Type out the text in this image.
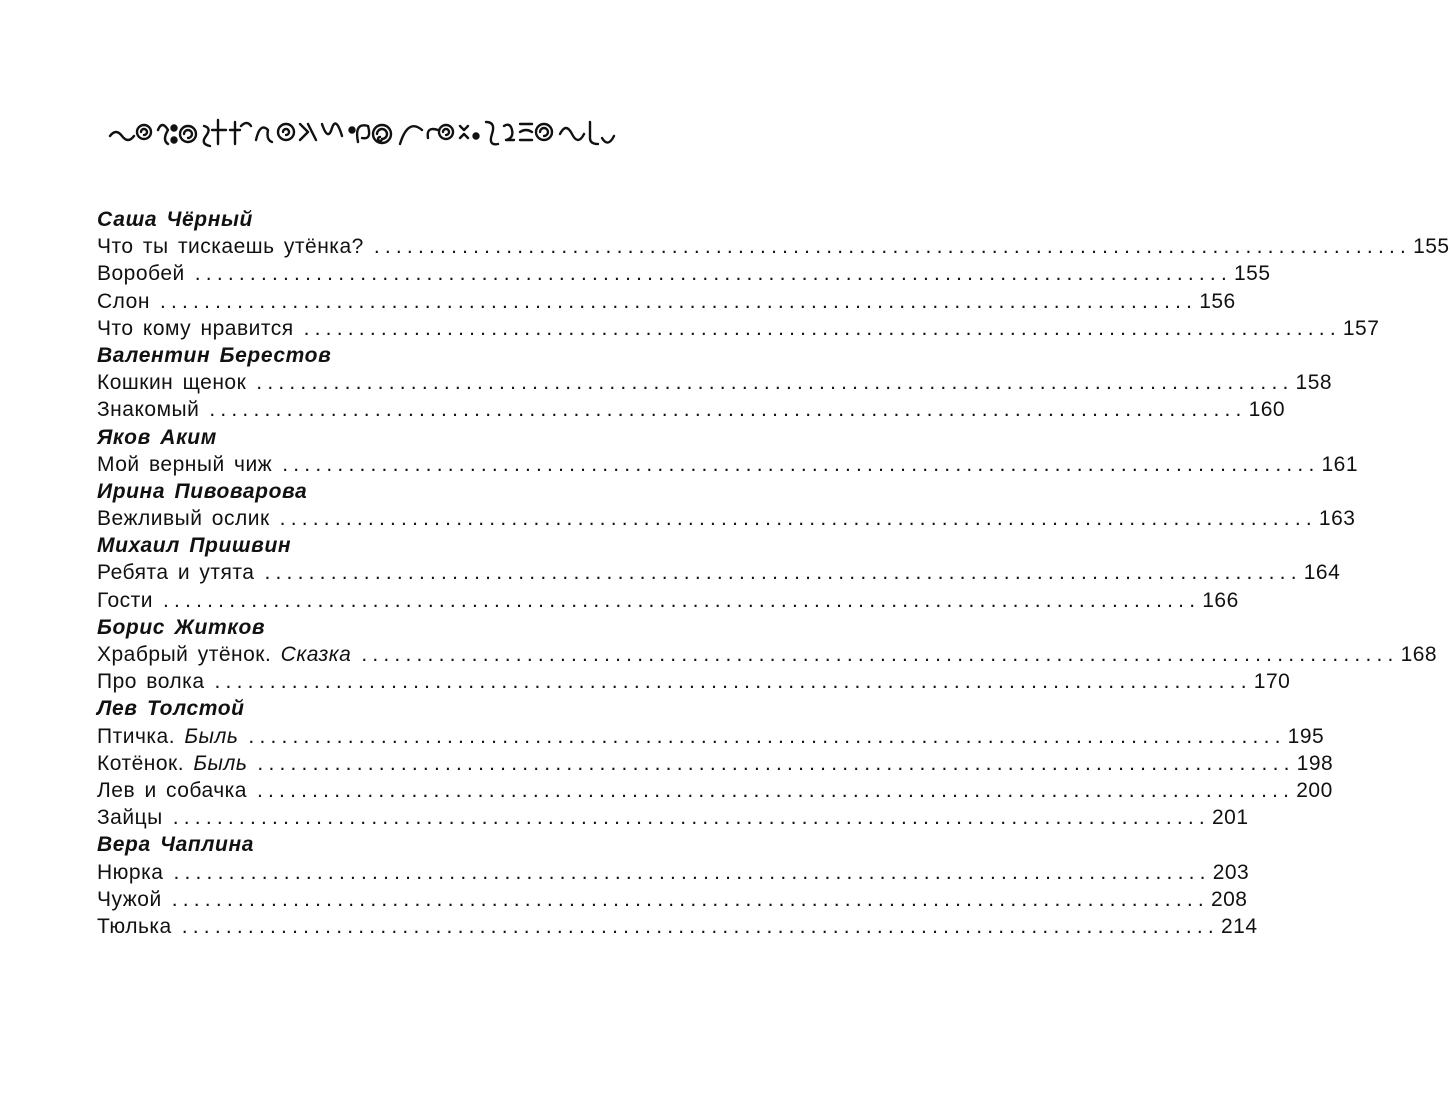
Саша Чёрный
Что ты тискаешь утёнка? .............................................................................................. 155
Воробей .............................................................................................. 155
Слон .............................................................................................. 156
Что кому нравится .............................................................................................. 157
Валентин Берестов
Кошкин щенок .............................................................................................. 158
Знакомый .............................................................................................. 160
Яков Аким
Мой верный чиж .............................................................................................. 161
Ирина Пивоварова
Вежливый ослик .............................................................................................. 163
Михаил Пришвин
Ребята и утята .............................................................................................. 164
Гости .............................................................................................. 166
Борис Житков
Храбрый утёнок. Сказка .............................................................................................. 168
Про волка .............................................................................................. 170
Лев Толстой
Птичка. Быль .............................................................................................. 195
Котёнок. Быль .............................................................................................. 198
Лев и собачка .............................................................................................. 200
Зайцы .............................................................................................. 201
Вера Чаплина
Нюрка .............................................................................................. 203
Чужой .............................................................................................. 208
Тюлька .............................................................................................. 214
